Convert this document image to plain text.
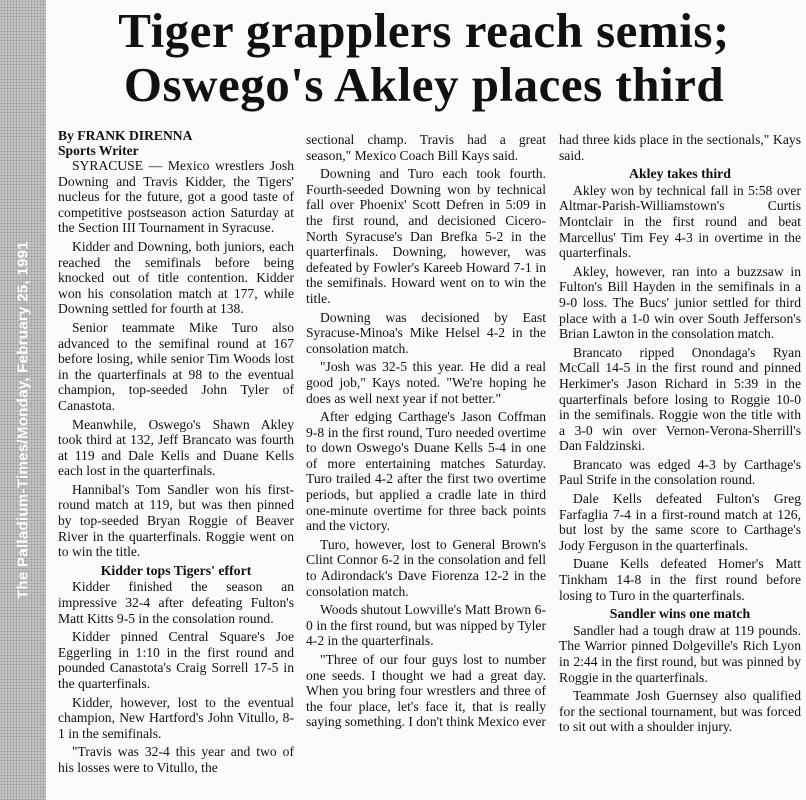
The Palladium-Times/Monday, February 25, 1991
Tiger grapplers reach semis;
Oswego's Akley places third
By FRANK DIRENNA
Sports Writer

SYRACUSE — Mexico wrestlers Josh Downing and Travis Kidder, the Tigers' nucleus for the future, got a good taste of competitive postseason action Saturday at the Section III Tournament in Syracuse.

Kidder and Downing, both juniors, each reached the semifinals before being knocked out of title contention. Kidder won his consolation match at 177, while Downing settled for fourth at 138.

Senior teammate Mike Turo also advanced to the semifinal round at 167 before losing, while senior Tim Woods lost in the quarterfinals at 98 to the eventual champion, top-seeded John Tyler of Canastota.

Meanwhile, Oswego's Shawn Akley took third at 132, Jeff Brancato was fourth at 119 and Dale Kells and Duane Kells each lost in the quarterfinals.

Hannibal's Tom Sandler won his first-round match at 119, but was then pinned by top-seeded Bryan Roggie of Beaver River in the quarterfinals. Roggie went on to win the title.

Kidder tops Tigers' effort

Kidder finished the season an impressive 32-4 after defeating Fulton's Matt Kitts 9-5 in the consolation round.

Kidder pinned Central Square's Joe Eggerling in 1:10 in the first round and pounded Canastota's Craig Sorrell 17-5 in the quarterfinals.

Kidder, however, lost to the eventual champion, New Hartford's John Vitullo, 8-1 in the semifinals.

"Travis was 32-4 this year and two of his losses were to Vitullo, the

sectional champ. Travis had a great season," Mexico Coach Bill Kays said.

Downing and Turo each took fourth. Fourth-seeded Downing won by technical fall over Phoenix' Scott Defren in 5:09 in the first round, and decisioned Cicero-North Syracuse's Dan Brefka 5-2 in the quarterfinals. Downing, however, was defeated by Fowler's Kareeb Howard 7-1 in the semifinals. Howard went on to win the title.

Downing was decisioned by East Syracuse-Minoa's Mike Helsel 4-2 in the consolation match.

"Josh was 32-5 this year. He did a real good job," Kays noted. "We're hoping he does as well next year if not better."

After edging Carthage's Jason Coffman 9-8 in the first round, Turo needed overtime to down Oswego's Duane Kells 5-4 in one of more entertaining matches Saturday. Turo trailed 4-2 after the first two overtime periods, but applied a cradle late in third one-minute overtime for three back points and the victory.

Turo, however, lost to General Brown's Clint Connor 6-2 in the consolation and fell to Adirondack's Dave Fiorenza 12-2 in the consolation match.

Woods shutout Lowville's Matt Brown 6-0 in the first round, but was nipped by Tyler 4-2 in the quarterfinals.

"Three of our four guys lost to number one seeds. I thought we had a great day. When you bring four wrestlers and three of the four place, let's face it, that is really saying something. I don't think Mexico ever

had three kids place in the sectionals," Kays said.

Akley takes third

Akley won by technical fall in 5:58 over Altmar-Parish-Williamstown's Curtis Montclair in the first round and beat Marcellus' Tim Fey 4-3 in overtime in the quarterfinals.

Akley, however, ran into a buzzsaw in Fulton's Bill Hayden in the semifinals in a 9-0 loss. The Bucs' junior settled for third place with a 1-0 win over South Jefferson's Brian Lawton in the consolation match.

Brancato ripped Onondaga's Ryan McCall 14-5 in the first round and pinned Herkimer's Jason Richard in 5:39 in the quarterfinals before losing to Roggie 10-0 in the semifinals. Roggie won the title with a 3-0 win over Vernon-Verona-Sherrill's Dan Faldzinski.

Brancato was edged 4-3 by Carthage's Paul Strife in the consolation round.

Dale Kells defeated Fulton's Greg Farfaglia 7-4 in a first-round match at 126, but lost by the same score to Carthage's Jody Ferguson in the quarterfinals.

Duane Kells defeated Homer's Matt Tinkham 14-8 in the first round before losing to Turo in the quarterfinals.

Sandler wins one match

Sandler had a tough draw at 119 pounds. The Warrior pinned Dolgeville's Rich Lyon in 2:44 in the first round, but was pinned by Roggie in the quarterfinals.

Teammate Josh Guernsey also qualified for the sectional tournament, but was forced to sit out with a shoulder injury.
